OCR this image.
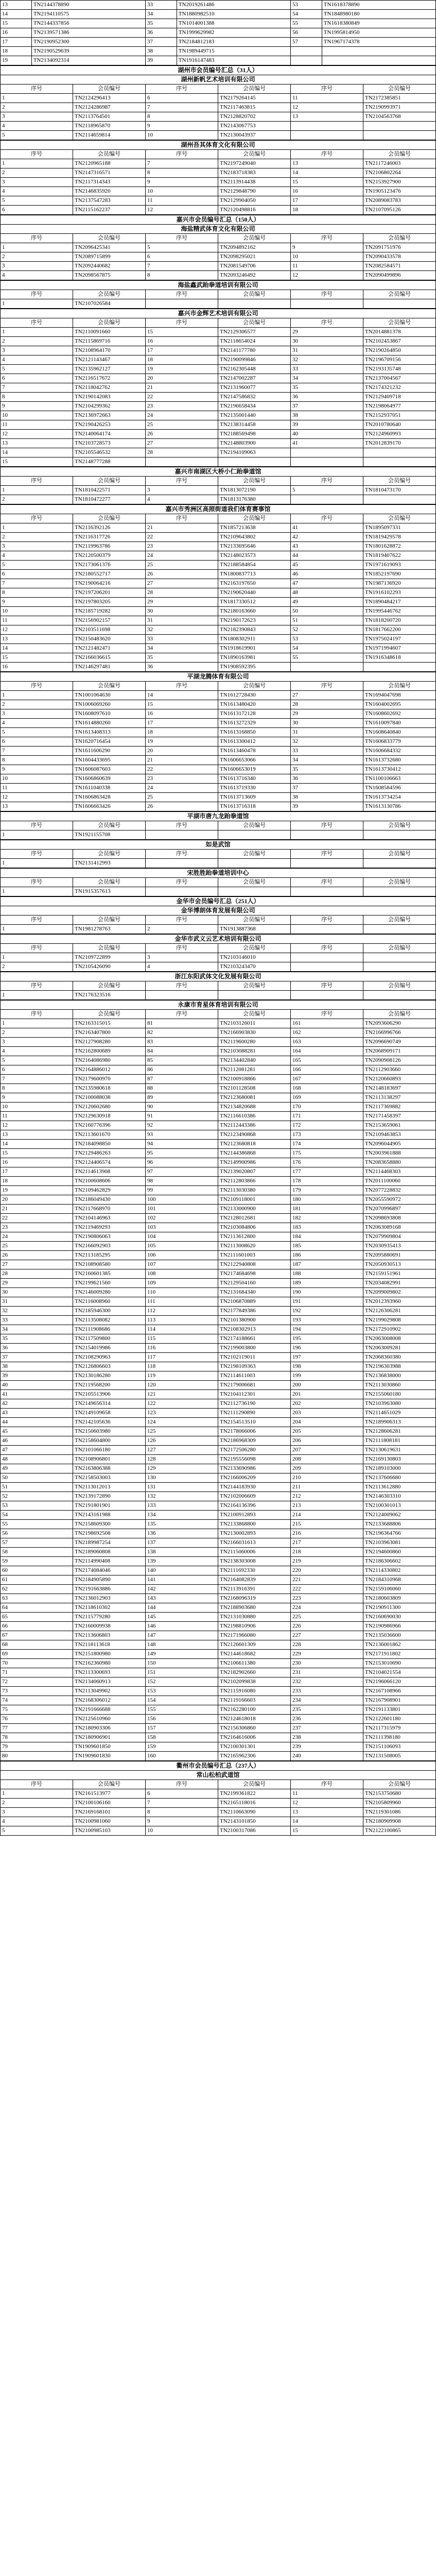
13	TN2144378890	33	TN2019261486	53	TN1618378890
14	TN2194110575	34	TN1880982510	54	TN1848980180
15	TN2144337856	35	TN1014001388	55	TN1618380849
16	TN2139571386	36	TN1999629982	56	TN1995814950
17	TN2190952300	37	TN2184812183	57	TN1967174378
18	TN2190529639	38	TN1989449715		
19	TN2134092314	39	TN1916147483		
湖州市会员编号汇总（31人）					
湖州新帆艺术培训有限公司					
序号	会员编号	序号	会员编号	序号	会员编号
1	TN2124296413	6	TN2179264145	11	TN2172385851
2	TN2124286987	7	TN2117463815	12	TN2190993971
3	TN2113764501	8	TN2128820702	13	TN2104563768
4	TN2118965870	9	TN2143067753		
5	TN2114659814	10	TN2130043937		
湖州吾其体育文化有限公司					
序号	会员编号	序号	会员编号	序号	会员编号
1	TN2120965188	7	TN2197249040	13	TN2117246003
2	TN2147316571	8	TN2183718383	14	TN2106802264
3	TN2117314343	9	TN2113914438	15	TN2153927900
4	TN2146835920	10	TN2129848790	16	TN1905123476
5	TN2137547283	11	TN2129904050	17	TN2089083783
6	TN2115162237	12	TN2120498816	18	TN2107095126
嘉兴市会员编号汇总（150人）					
海盐精武体育文化有限公司					
序号	会员编号	序号	会员编号	序号	会员编号
1	TN2096425341	5	TN2094892162	9	TN2091751976
2	TN2089715899	6	TN2098295021	10	TN2090433578
3	TN2092440682	7	TN2081549706	11	TN2082584571
4	TN2098567875	8	TN2093246492	12	TN2090499896
海盐鑫武跆拳道培训有限公司					
序号	会员编号	序号	会员编号	序号	会员编号
1	TN2107026584				
嘉兴市金辉艺术培训有限公司					
序号	会员编号	序号	会员编号	序号	会员编号
1	TN2110091660	15	TN2129306577	29	TN2014881378
2	TN2115869716	16	TN2118654024	30	TN2102453867
3	TN2108964170	17	TN2141177780	31	TN2190264850
4	TN2121143467	18	TN2190099846	32	TN2196709156
5	TN2135962127	19	TN2162305448	33	TN2193135748
6	TN2116517672	20	TN2147002287	34	TN2137004567
7	TN2118042762	21	TN2131960077	35	TN2174321232
8	TN2190142083	22	TN2147586832	36	TN2129409718
9	TN2104299362	23	TN2196658434	37	TN2198064977
10	TN2136972663	24	TN2135001440	38	TN2152937051
11	TN2190426253	25	TN2138314458	39	TN2010780640
12	TN2140064174	26	TN2188569498	40	TN2124960993
13	TN2103728573	27	TN2148803900	41	TN2012839170
14	TN2105546532	28	TN2194109063		
15	TN2148777288				
嘉兴市南湖区大桥小仁跆拳道馆					
序号	会员编号	序号	会员编号	序号	会员编号
1	TN1810422571	3	TN1813072190	5	TN1810473170
2	TN1810472277	4	TN1813176380		
嘉兴市秀洲区高照街道我们体育赛事馆					
序号	会员编号	序号	会员编号	序号	会员编号
1	TN2116392126	21	TN1857213638	41	TN1895097331
2	TN2116317726	22	TN2109643802	42	TN1819429578
3	TN2119963786	23	TN2133695646	43	TN1801628872
4	TN2120500379	24	TN2148023573	44	TN1819407622
5	TN2173061376	25	TN2188584854	45	TN1971619093
6	TN2180552717	26	TN1800837713	46	TN1852197690
7	TN2190064216	27	TN2163197650	47	TN1987136920
8	TN2197206201	28	TN2190620440	48	TN1916102293
9	TN2197803205	29	TN1817330512	49	TN1890484217
10	TN2185719282	30	TN2180163660	50	TN1995446762
11	TN2156902157	31	TN2190172623	51	TN1818200720
12	TN2103511698	32	TN2182390843	52	TN1817662200
13	TN2150483620	33	TN1808302911	53	TN1975024197
14	TN2121482471	34	TN1918619901	54	TN1971994607
15	TN2166036615	35	TN1890163981	55	TN1916348618
16	TN2146297481	36	TN1908592395		
平湖龙腾体育有限公司					
序号	会员编号	序号	会员编号	序号	会员编号
1	TN1001064630	14	TN1612728430	27	TN1694047698
2	TN1006069260	15	TN1613480420	28	TN1604002695
3	TN1608097610	16	TN1613172128	29	TN1608602692
4	TN1614880260	17	TN1613272329	30	TN1610097840
5	TN1613408313	18	TN1613168850	31	TN1608640840
6	TN1620716454	19	TN1613300412	32	TN1606833779
7	TN1611606290	20	TN1613460478	33	TN1606684332
8	TN1604433695	21	TN1606653066	34	TN1613732680
9	TN1606087603	22	TN1606653019	35	TN1613730412
10	TN1606860639	23	TN1613716340	36	TN1100106663
11	TN1611040338	24	TN1613719330	37	TN1608584596
12	TN1606863428	25	TN1613713609	38	TN1613734254
13	TN1606663426	26	TN1613716318	39	TN1613130786
平湖市唐九龙跆拳道馆					
序号	会员编号	序号	会员编号	序号	会员编号
1	TN1921155708				
如是武馆					
序号	会员编号	序号	会员编号	序号	会员编号
1	TN2131412993				
宋胜胜跆拳道培训中心					
序号	会员编号	序号	会员编号	序号	会员编号
1	TN1915357613				
金华市会员编号汇总（251人）					
金华博朗体育发展有限公司					
序号	会员编号	序号	会员编号	序号	会员编号
1	TN1981278763	2	TN1913887368		
金华市武义云艺术培训有限公司					
序号	会员编号	序号	会员编号	序号	会员编号
1	TN2109722899	3	TN2103146010		
2	TN2105426090	4	TN2103243470		
浙江东阳武体文化发展有限公司					
序号	会员编号	序号	会员编号	序号	会员编号
1	TN2176323516				
永康市育星体育培训有限公司					
序号	会员编号	序号	会员编号	序号	会员编号
1	TN2163315015	81	TN2103126011	161	TN2093606290
2	TN2163407800	82	TN2166903830	162	TN2166996766
3	TN2127908280	83	TN2119600280	163	TN2096690749
4	TN2162800689	84	TN2103088281	164	TN2068909171
5	TN2164086980	85	TN2134402840	165	TN2090908126
6	TN2164886012	86	TN2112081281	166	TN2112903660
7	TN2179600970	87	TN2100918866	167	TN2120660893
8	TN2135980618	88	TN2101128508	168	TN2148183697
9	TN2100088038	89	TN2123680081	169	TN2113138297
10	TN2120602680	90	TN2134820688	170	TN2117369882
11	TN2129630918	91	TN2116610386	171	TN2171458397
12	TN2160776396	92	TN2112443386	172	TN2153659061
13	TN2113601670	93	TN2123490868	173	TN2109463853
14	TN2184098850	94	TN2123680818	174	TN2096044905
15	TN2129486263	95	TN2144386868	175	TN2003961888
16	TN2124406574	96	TN2149900986	176	TN2083658880
17	TN2114613908	97	TN2139020807	177	TN2114468303
18	TN2100608606	98	TN2112803866	178	TN2011100060
19	TN2109462829	99	TN2113030380	179	TN2077228832
20	TN2186049430	100	TN2109118001	180	TN2055590972
21	TN2117668970	101	TN2133000900	181	TN2070996897
22	TN2104146963	102	TN2128012681	182	TN2098693808
23	TN2119469293	103	TN2103084806	183	TN2063089168
24	TN2190806063	104	TN2113612800	184	TN2079909804
25	TN2166092903	105	TN2113008620	185	TN2030935413
26	TN2113185295	106	TN2111601003	186	TN2095880691
27	TN2108908580	107	TN2122940808	187	TN2050930513
28	TN2160601385	108	TN2174684698	188	TN2159151961
29	TN2199621560	109	TN2129504160	189	TN2034082991
30	TN2146009280	110	TN2131684340	190	TN2099009802
31	TN2116008960	111	TN2106870889	191	TN2012393960
32	TN2185946300	112	TN2177849386	192	TN2126306281
33	TN2113508082	113	TN2101380900	193	TN2199029808
34	TN2111908686	114	TN2108302913	194	TN2172910902
35	TN2117509800	115	TN2174188661	195	TN2063008008
36	TN2154019986	116	TN2199003800	196	TN2063009281
37	TN2108290963	117	TN2102119011	197	TN2068360380
38	TN2126806603	118	TN2198109363	198	TN2196303988
39	TN2130186280	119	TN2114611003	199	TN2136838000
40	TN2119568200	120	TN2179006681	200	TN2113030860
41	TN2105513906	121	TN2104112301	201	TN2155060180
42	TN2149656314	122	TN2112736190	202	TN2103963080
43	TN2149109658	123	TN2111290890	203	TN2114651029
44	TN2142105636	124	TN2154513510	204	TN2189906313
45	TN2150603980	125	TN2178066006	205	TN2128606281
46	TN2158604800	126	TN2186968309	206	TN2111808181
47	TN2101066180	127	TN2172506280	207	TN2130619631
48	TN2108906801	128	TN2195556098	208	TN2169130803
49	TN2163806388	129	TN2133690986	209	TN2189103000
50	TN2158503003	130	TN2166006209	210	TN2137606680
51	TN2113012013	131	TN2144183930	211	TN2113612880
52	TN2139172890	132	TN2102006609	212	TN2146303310
53	TN2191801901	133	TN2164136396	213	TN2100301013
54	TN2143161988	134	TN2100912893	214	TN2124009062
55	TN2158609300	135	TN2133868800	215	TN2133688806
56	TN2198692508	136	TN2130002893	216	TN2196364766
57	TN2189987254	137	TN2166031613	217	TN2103963081
58	TN2189060808	138	TN2115060006	218	TN2194600860
59	TN2114990408	139	TN2138303008	219	TN2186306602
60	TN2174084046	140	TN2111692330	220	TN2114330802
61	TN2184905890	141	TN2164082839	221	TN2184310968
62	TN2191663886	142	TN2113916391	222	TN2159106060
63	TN2136012903	143	TN2168096319	223	TN2180603809
64	TN2118610302	144	TN2188903680	224	TN2190911300
65	TN2115779280	145	TN2131030880	225	TN2160690030
66	TN2160009938	146	TN2198810906	226	TN2190986966
67	TN2113606803	147	TN2171966080	227	TN2135036600
68	TN2118113618	148	TN2126601309	228	TN2136001862
69	TN2151800980	149	TN2144618682	229	TN2171911802
70	TN2162360980	150	TN2106611380	230	TN2153010690
71	TN2113300693	151	TN2182902660	231	TN2104021554
72	TN2134060913	152	TN2102099838	232	TN2196066120
73	TN2113049902	153	TN2115916080	233	TN2167108966
74	TN2168306012	154	TN2119166603	234	TN2167908901
75	TN2191666688	155	TN2162280100	235	TN2191133801
76	TN2125610960	156	TN2124618018	236	TN2122601180
77	TN2180903306	157	TN2156306860	237	TN2117315979
78	TN2180906901	158	TN2164616006	238	TN2111398180
79	TN1909601850	159	TN2100301301	239	TN2151106093
80	TN1909601830	160	TN2165962306	240	TN2131508005
衢州市会员编号汇总（237人）					
常山松柏武道馆					
序号	会员编号	序号	会员编号	序号	会员编号
1	TN2161513977	6	TN2199361822	11	TN2153750680
2	TN2100106160	7	TN2165118016	12	TN2105809960
3	TN2169168101	8	TN2110663090	13	TN2119301086
4	TN2100981060	9	TN2143101850	14	TN2180909908
5	TN2100985103	10	TN2100317086	15	TN2122100865
